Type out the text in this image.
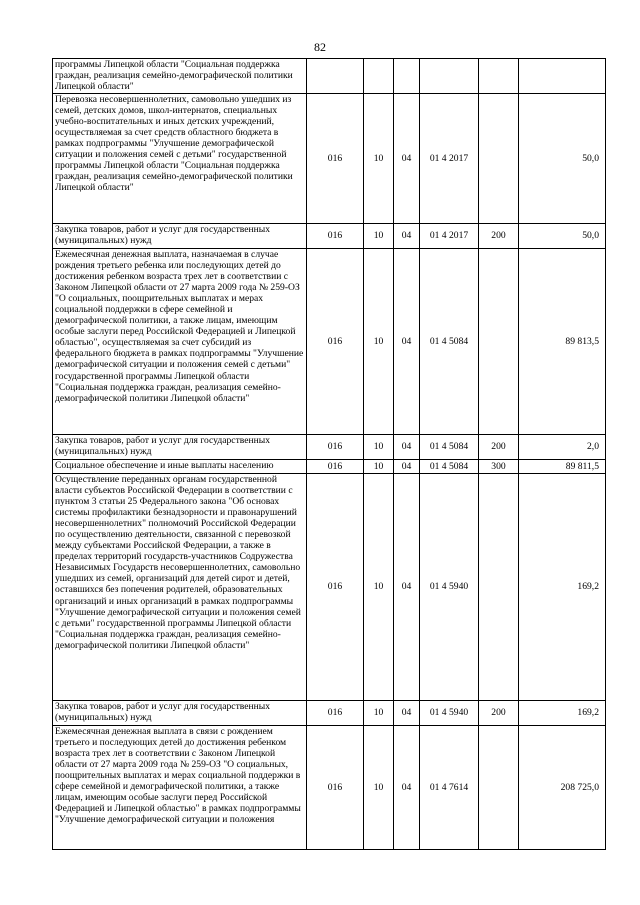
82
программы Липецкой области "Социальная поддержка граждан, реализация семейно-демографической политики Липецкой области"						
Перевозка несовершеннолетних, самовольно ушедших из семей, детских домов, школ-интернатов, специальных учебно-воспитательных и иных детских учреждений, осуществляемая за счет средств областного бюджета в рамках подпрограммы "Улучшение демографической ситуации и положения семей с детьми" государственной программы Липецкой области "Социальная поддержка граждан, реализация семейно-демографической политики Липецкой области"	016	10	04	01 4 2017		50,0
Закупка товаров, работ и услуг для государственных (муниципальных) нужд	016	10	04	01 4 2017	200	50,0
Ежемесячная денежная выплата, назначаемая в случае рождения третьего ребенка или последующих детей до достижения ребенком возраста трех лет в соответствии с Законом Липецкой области от 27 марта 2009 года № 259-ОЗ "О социальных, поощрительных выплатах и мерах социальной поддержки в сфере семейной и демографической политики, а также лицам, имеющим особые заслуги перед Российской Федерацией и Липецкой областью", осуществляемая за счет субсидий из федерального бюджета в рамках подпрограммы "Улучшение демографической ситуации и положения семей с детьми" государственной программы Липецкой области "Социальная поддержка граждан, реализация семейно-демографической политики Липецкой области"	016	10	04	01 4 5084		89 813,5
Закупка товаров, работ и услуг для государственных (муниципальных) нужд	016	10	04	01 4 5084	200	2,0
Социальное обеспечение и иные выплаты населению	016	10	04	01 4 5084	300	89 811,5
Осуществление переданных органам государственной власти субъектов Российской Федерации в соответствии с пунктом 3 статьи 25 Федерального закона "Об основах системы профилактики безнадзорности и правонарушений несовершеннолетних" полномочий Российской Федерации по осуществлению деятельности, связанной с перевозкой между субъектами Российской Федерации, а также в пределах территорий государств-участников Содружества Независимых Государств несовершеннолетних, самовольно ушедших из семей, организаций для детей сирот и детей, оставшихся без попечения родителей, образовательных организаций и иных организаций в рамках подпрограммы "Улучшение демографической ситуации и положения семей с детьми" государственной программы Липецкой области "Социальная поддержка граждан, реализация семейно-демографической политики Липецкой области"	016	10	04	01 4 5940		169,2
Закупка товаров, работ и услуг для государственных (муниципальных) нужд	016	10	04	01 4 5940	200	169,2
Ежемесячная денежная выплата в связи с рождением третьего и последующих детей до достижения ребенком возраста трех лет в соответствии с Законом Липецкой области от 27 марта 2009 года № 259-ОЗ "О социальных, поощрительных выплатах и мерах социальной поддержки в сфере семейной и демографической политики, а также лицам, имеющим особые заслуги перед Российской Федерацией и Липецкой областью" в рамках подпрограммы "Улучшение демографической ситуации и положения	016	10	04	01 4 7614		208 725,0
